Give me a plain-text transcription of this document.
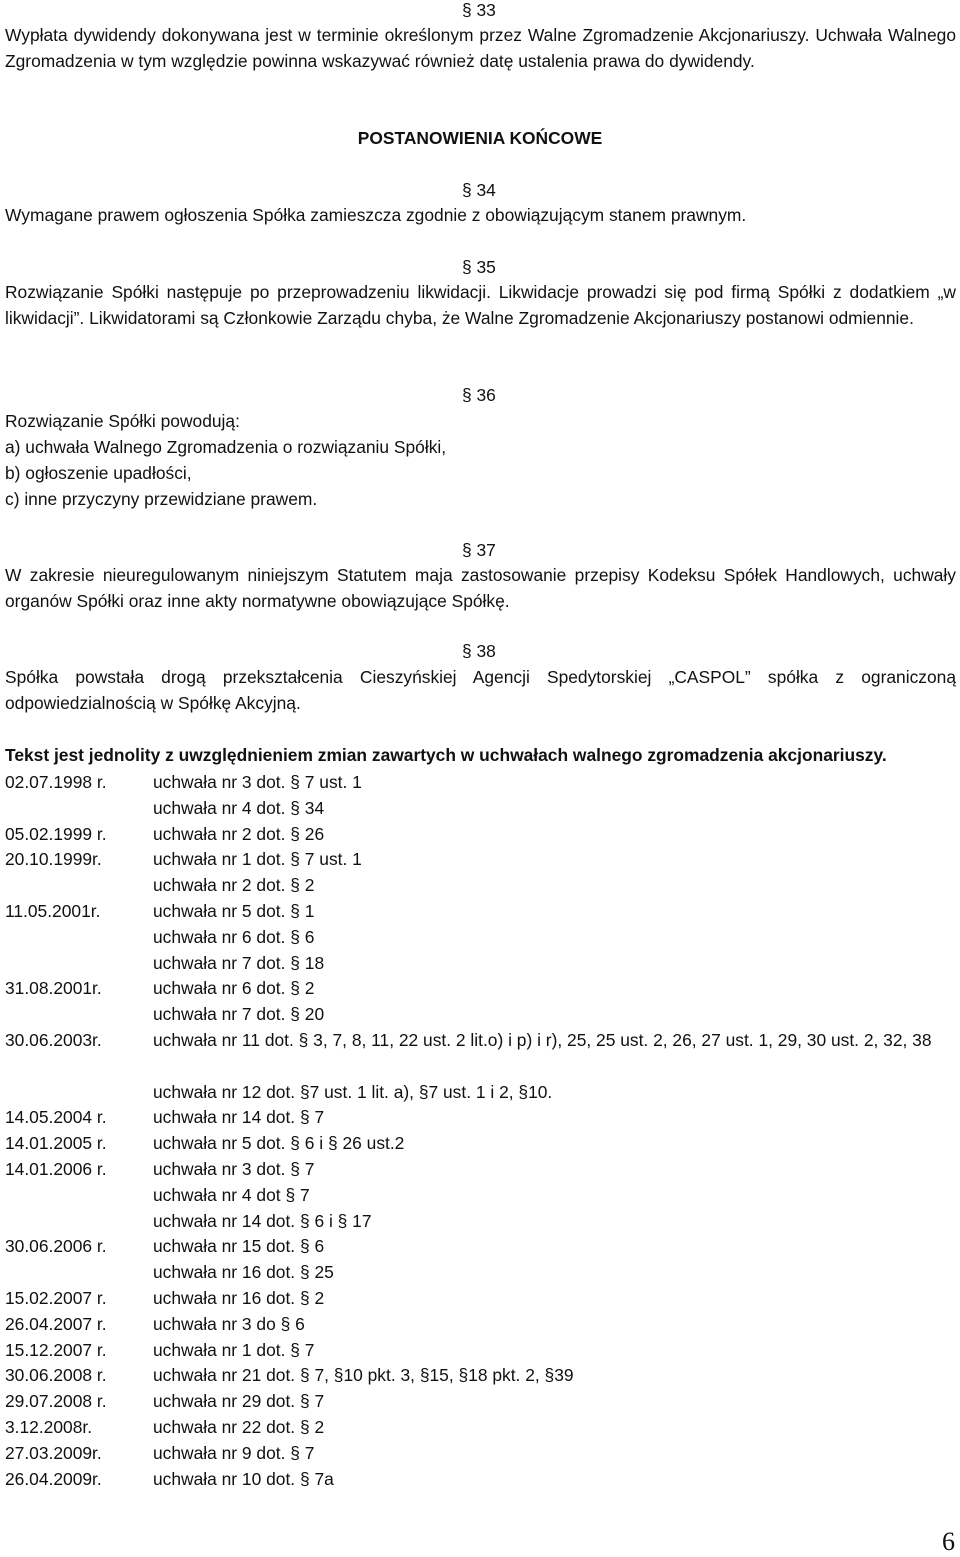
§ 33
Wypłata dywidendy dokonywana jest w terminie określonym przez Walne Zgromadzenie Akcjonariuszy. Uchwała Walnego Zgromadzenia w tym względzie powinna wskazywać również datę ustalenia prawa do dywidendy.
POSTANOWIENIA KOŃCOWE
§ 34
Wymagane prawem ogłoszenia Spółka zamieszcza zgodnie z obowiązującym stanem prawnym.
§ 35
Rozwiązanie Spółki następuje po przeprowadzeniu likwidacji. Likwidacje prowadzi się pod firmą Spółki z dodatkiem „w likwidacji”. Likwidatorami są Członkowie Zarządu chyba, że Walne Zgromadzenie Akcjonariuszy postanowi odmiennie.
§ 36
Rozwiązanie Spółki powodują:
a) uchwała Walnego Zgromadzenia o rozwiązaniu Spółki,
b) ogłoszenie upadłości,
c) inne przyczyny przewidziane prawem.
§ 37
W zakresie nieuregulowanym niniejszym Statutem maja zastosowanie przepisy Kodeksu Spółek Handlowych, uchwały organów Spółki oraz inne akty normatywne obowiązujące Spółkę.
§ 38
Spółka powstała drogą przekształcenia Cieszyńskiej Agencji Spedytorskiej „CASPOL” spółka z ograniczoną odpowiedzialnością w Spółkę Akcyjną.
Tekst jest jednolity z uwzględnieniem zmian zawartych w uchwałach walnego zgromadzenia akcjonariuszy.
02.07.1998 r.	uchwała nr 3 dot. § 7 ust. 1
uchwała nr 4 dot. § 34
05.02.1999 r.	uchwała nr 2 dot. § 26
20.10.1999r.	uchwała nr 1 dot. § 7 ust. 1
uchwała nr 2 dot. § 2
11.05.2001r.	uchwała nr 5 dot. § 1
uchwała nr 6 dot. § 6
uchwała nr 7 dot. § 18
31.08.2001r.	uchwała nr 6 dot. § 2
uchwała nr 7 dot. § 20
30.06.2003r.	uchwała nr 11 dot. § 3, 7, 8, 11, 22 ust. 2 lit.o) i p) i r), 25, 25 ust. 2, 26, 27 ust. 1, 29, 30 ust. 2, 32, 38
uchwała nr 12 dot. §7 ust. 1 lit. a), §7 ust. 1 i 2, §10.
14.05.2004 r.	uchwała nr 14 dot. § 7
14.01.2005 r.	uchwała nr 5 dot. § 6 i § 26 ust.2
14.01.2006 r.	uchwała nr 3 dot. § 7
uchwała nr 4 dot § 7
uchwała nr 14 dot. § 6 i § 17
30.06.2006 r.	uchwała nr 15 dot. § 6
uchwała nr 16 dot. § 25
15.02.2007 r.	uchwała nr 16 dot. § 2
26.04.2007 r.	uchwała nr 3 do § 6
15.12.2007 r.	uchwała nr 1 dot. § 7
30.06.2008 r.	uchwała nr 21 dot. § 7, §10 pkt. 3, §15, §18 pkt. 2, §39
29.07.2008 r.	uchwała nr 29 dot. § 7
3.12.2008r.	uchwała nr 22 dot. § 2
27.03.2009r.	uchwała nr 9 dot. § 7
26.04.2009r.	uchwała nr 10 dot. § 7a
6
